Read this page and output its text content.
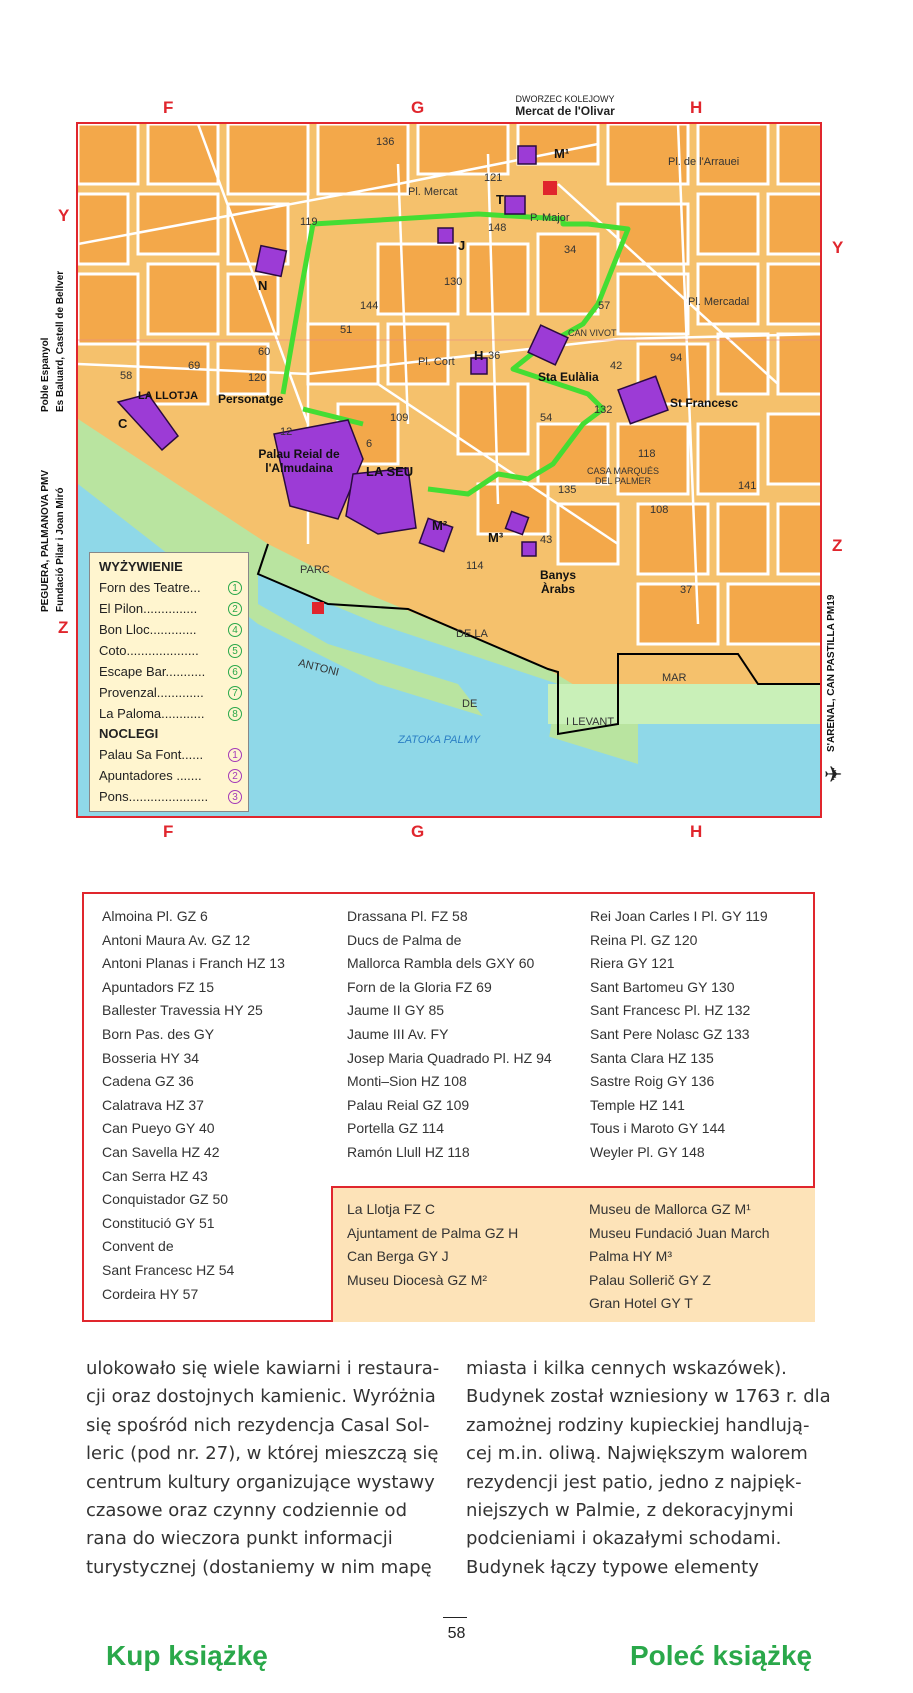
F	G	H
F	G	H
Y
Z
Y
Z
DWORZEC KOLEJOWY
Mercat de l'Olivar
Poble Espanyol Es Baluard, Castell de Bellver
PEGUERA, PALMANOVA PMV Fundació Pilar i Joan Miró
S'ARENAL, CAN PASTILLA PM19
✈
Pl. Mercat
Pl. de l'Arrauei
P. Major
Pl. Mercadal
CAN VIVOT
Pl. Cort
Sta Eulàlia
LA LLOTJA Personatge
Palau Reial de l'Almudaina	LA SEU
St Francesc
CASA MARQUÉS DEL PALMER
Banys Àrabs
PARC
DE LA
MAR
ANTONI
DE
I LEVANT
ZATOKA PALMY
C
N
J
T
H
M¹
M²
M³
136
121
119	148
130
144
51
60
69
58	120
12
109
6
135
37
34
57
42
94
36
54
132
118
108
141
43
114
WYŻYWIENIE
Forn des Teatre...	1
El Pilon...............	2
Bon Lloc.............	4
Coto....................	5
Escape Bar...........	6
Provenzal.............	7
La Paloma............	8
NOCLEGI
Palau Sa Font......	1
Apuntadores .......	2
Pons......................	3
Almoina Pl. GZ 6
Antoni Maura Av. GZ 12
Antoni Planas i Franch HZ 13
Apuntadors FZ 15
Ballester Travessia HY 25
Born Pas. des GY
Bosseria HY 34
Cadena GZ 36
Calatrava HZ 37
Can Pueyo GY 40
Can Savella HZ 42
Can Serra HZ 43
Conquistador GZ 50
Constitució GY 51
Convent de
Sant Francesc HZ 54
Cordeira HY 57
Drassana Pl. FZ 58
Ducs de Palma de
Mallorca Rambla dels GXY 60
Forn de la Gloria FZ 69
Jaume II GY 85
Jaume III Av. FY
Josep Maria Quadrado Pl. HZ 94
Monti–Sion HZ 108
Palau Reial GZ 109
Portella GZ 114
Ramón Llull HZ 118
Rei Joan Carles I Pl. GY 119
Reina Pl. GZ 120
Riera GY 121
Sant Bartomeu GY 130
Sant Francesc Pl. HZ 132
Sant Pere Nolasc GZ 133
Santa Clara HZ 135
Sastre Roig GY 136
Temple HZ 141
Tous i Maroto GY 144
Weyler Pl. GY 148
La Llotja FZ C
Ajuntament de Palma GZ H
Can Berga GY J
Museu Diocesà GZ M²
Museu de Mallorca GZ M¹
Museu Fundació Juan March
Palma HY M³
Palau Sollerič GY Z
Gran Hotel GY T
ulokowało się wiele kawiarni i restaura-
cji oraz dostojnych kamienic. Wyróżnia
się spośród nich rezydencja Casal Sol-
leric (pod nr. 27), w której mieszczą się
centrum kultury organizujące wystawy
czasowe oraz czynny codziennie od
rana do wieczora punkt informacji
turystycznej (dostaniemy w nim mapę
miasta i kilka cennych wskazówek).
Budynek został wzniesiony w 1763 r. dla
zamożnej rodziny kupieckiej handlują-
cej m.in. oliwą. Największym walorem
rezydencji jest patio, jedno z najpięk-
niejszych w Palmie, z dekoracyjnymi
podcieniami i okazałymi schodami.
Budynek łączy typowe elementy
58
Kup książkę	Poleć książkę
